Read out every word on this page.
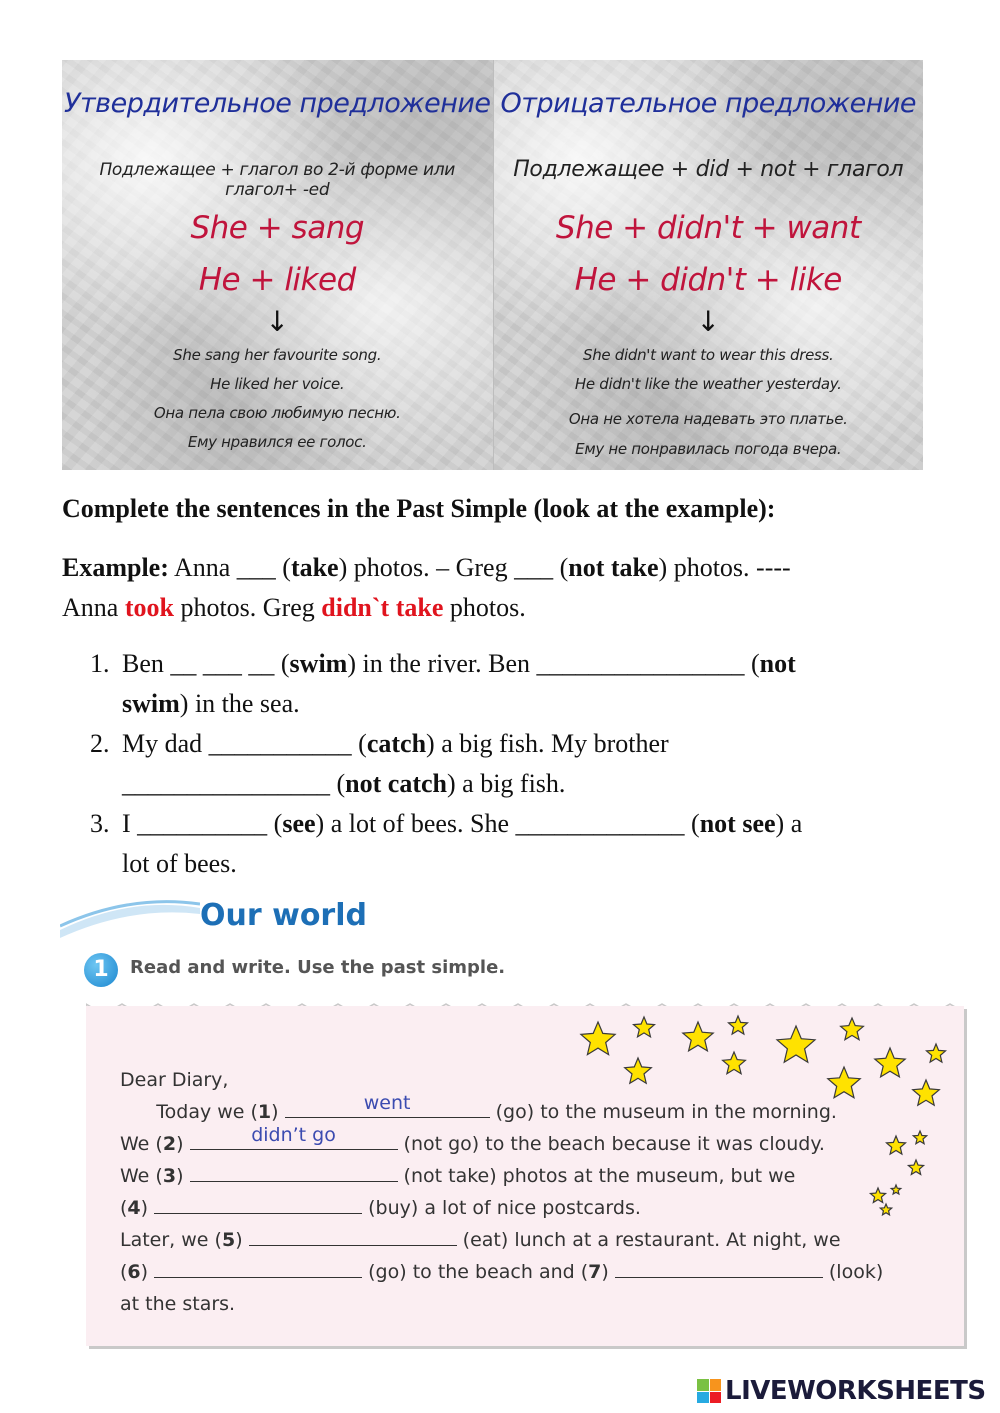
Утвердительное предложение
Подлежащее + глагол во 2-й форме или глагол+ -ed
She + sang
He + liked
↓
She sang her favourite song.
He liked her voice.
Она пела свою любимую песню.
Ему нравился ее голос.
Отрицательное предложение
Подлежащее + did + not + глагол
She + didn't + want
He + didn't + like
↓
She didn't want to wear this dress.
He didn't like the weather yesterday.
Она не хотела надевать это платье.
Ему не понравилась погода вчера.
Complete the sentences in the Past Simple (look at the example):
Example: Anna ___ (take) photos. – Greg ___ (not take) photos. ----
Anna took photos. Greg didn`t take photos.
1. Ben __ ___ __ (swim) in the river. Ben ________________ (not
swim) in the sea.
2. My dad ___________ (catch) a big fish. My brother
________________ (not catch) a big fish.
3. I __________ (see) a lot of bees. She _____________ (not see) a
lot of bees.
Our world
1	Read and write. Use the past simple.
Dear Diary,
Today we (1)	went	(go) to the museum in the morning.
We (2)	didn’t go	(not go) to the beach because it was cloudy.
We (3)	(not take) photos at the museum, but we
(4)	(buy) a lot of nice postcards.
Later, we (5)	(eat) lunch at a restaurant. At night, we
(6)	(go) to the beach and (7)	(look)
at the stars.
LIVEWORKSHEETS
